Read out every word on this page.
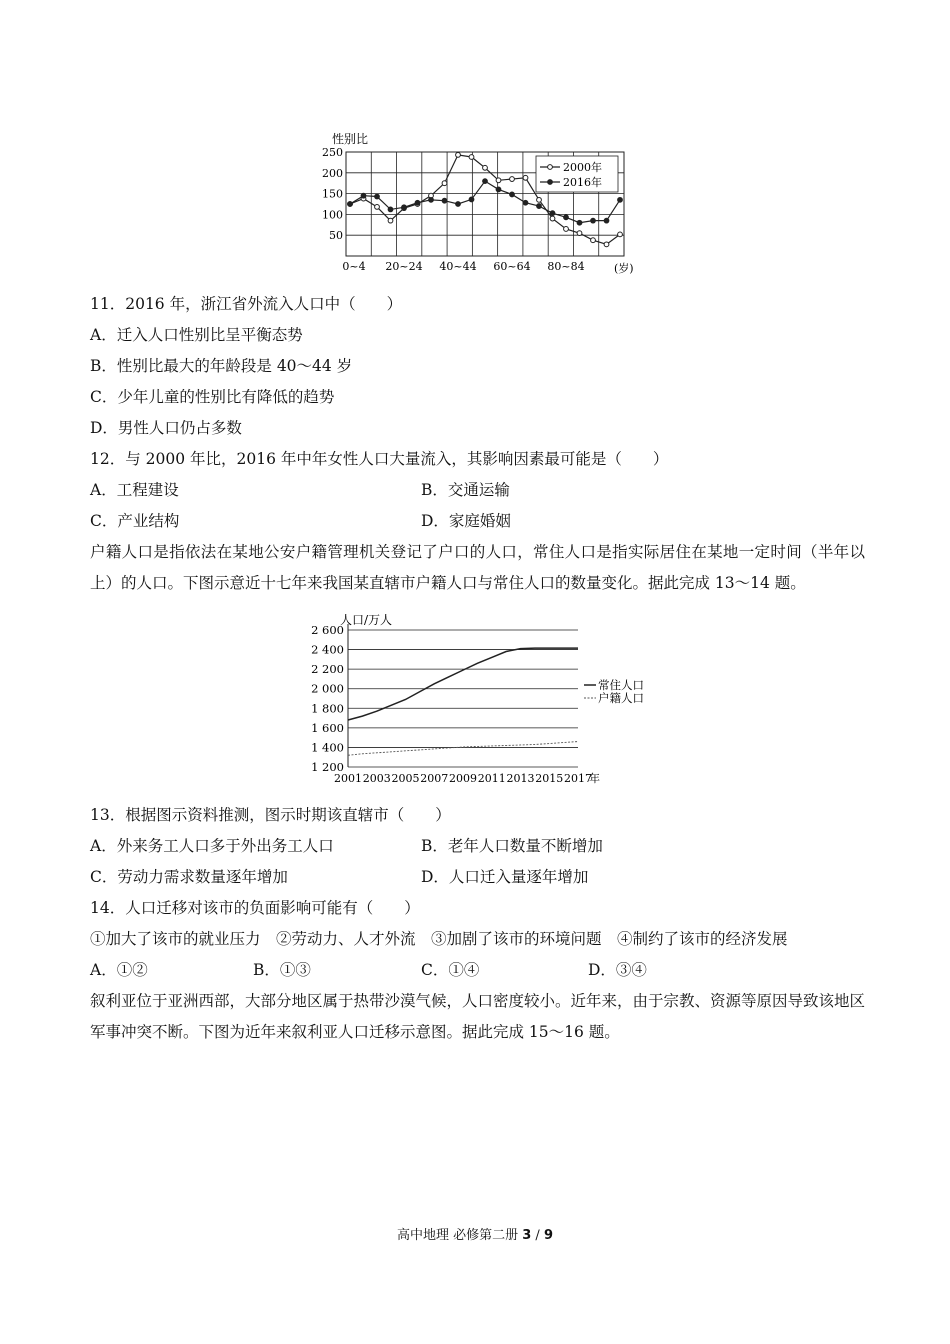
250
200
150
100
50
性别比
0~4 20~24 40~44 60~64 80~84	(岁)
2000年
2016年
11．2016 年，浙江省外流入人口中（　　）
A．迁入人口性别比呈平衡态势
B．性别比最大的年龄段是 40～44 岁
C．少年儿童的性别比有降低的趋势
D．男性人口仍占多数
12．与 2000 年比，2016 年中年女性人口大量流入，其影响因素最可能是（　　）
A．工程建设	B．交通运输
C．产业结构	D．家庭婚姻
户籍人口是指依法在某地公安户籍管理机关登记了户口的人口，常住人口是指实际居住在某地一定时间（半年以上）的人口。下图示意近十七年来我国某直辖市户籍人口与常住人口的数量变化。据此完成 13～14 题。
2 600
2 400
2 200
2 000
1 800
1 600
1 400
1 200
人口/万人
2001 2003 2005 2007 2009 2011 2013 2015 2017
年
常住人口
户籍人口
13．根据图示资料推测，图示时期该直辖市（　　）
A．外来务工人口多于外出务工人口	B．老年人口数量不断增加
C．劳动力需求数量逐年增加	D．人口迁入量逐年增加
14．人口迁移对该市的负面影响可能有（　　）
①加大了该市的就业压力　②劳动力、人才外流　③加剧了该市的环境问题　④制约了该市的经济发展
A．①②	B．①③	C．①④	D．③④
叙利亚位于亚洲西部，大部分地区属于热带沙漠气候，人口密度较小。近年来，由于宗教、资源等原因导致该地区军事冲突不断。下图为近年来叙利亚人口迁移示意图。据此完成 15～16 题。
高中地理 必修第二册 3 / 9
